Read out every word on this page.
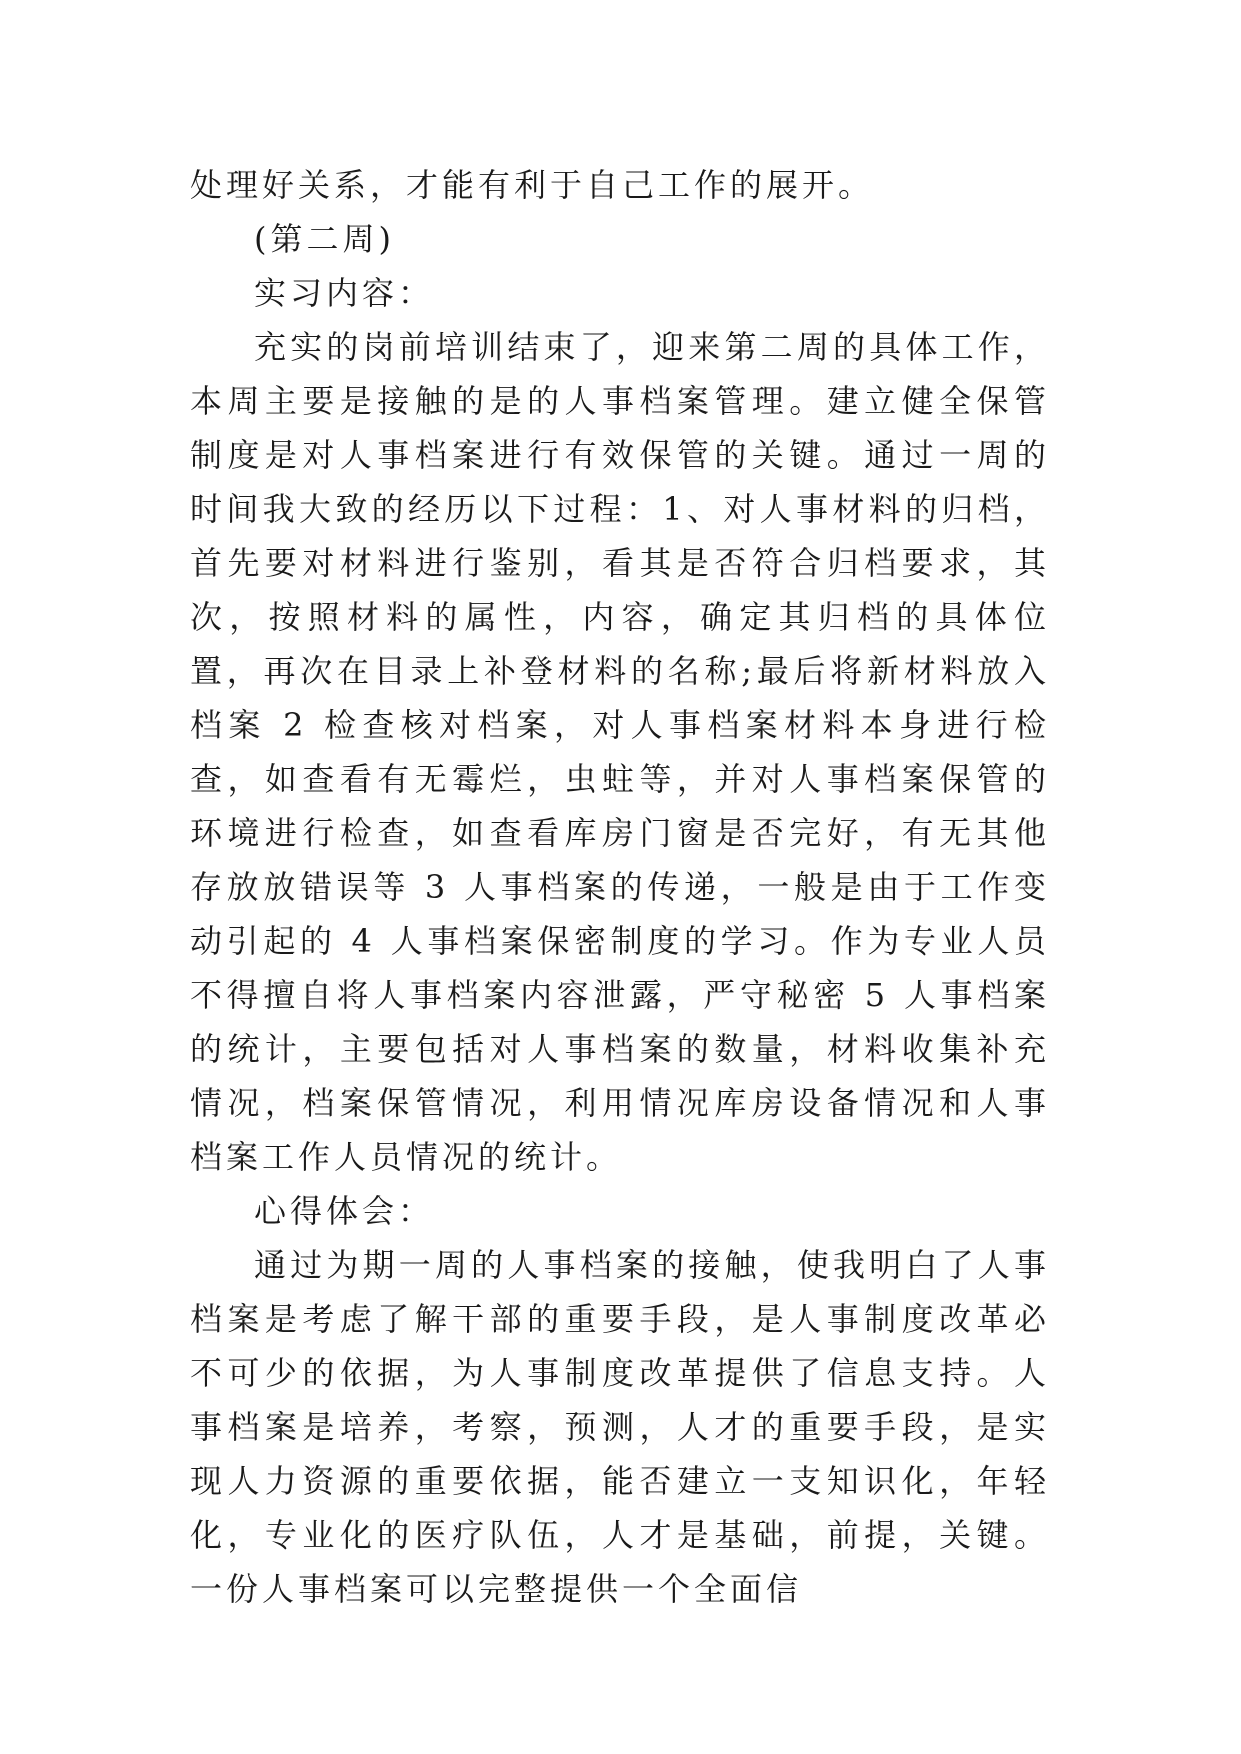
处理好关系，才能有利于自己工作的展开。

(第二周)

实习内容：

充实的岗前培训结束了，迎来第二周的具体工作，本周主要是接触的是的人事档案管理。建立健全保管制度是对人事档案进行有效保管的关键。通过一周的时间我大致的经历以下过程：1、对人事材料的归档，首先要对材料进行鉴别，看其是否符合归档要求，其次，按照材料的属性，内容，确定其归档的具体位置，再次在目录上补登材料的名称;最后将新材料放入档案 2 检查核对档案，对人事档案材料本身进行检查，如查看有无霉烂，虫蛀等，并对人事档案保管的环境进行检查，如查看库房门窗是否完好，有无其他存放放错误等 3 人事档案的传递，一般是由于工作变动引起的 4 人事档案保密制度的学习。作为专业人员不得擅自将人事档案内容泄露，严守秘密 5 人事档案的统计，主要包括对人事档案的数量，材料收集补充情况，档案保管情况，利用情况库房设备情况和人事档案工作人员情况的统计。

心得体会：

通过为期一周的人事档案的接触，使我明白了人事档案是考虑了解干部的重要手段，是人事制度改革必不可少的依据，为人事制度改革提供了信息支持。人事档案是培养，考察，预测，人才的重要手段，是实现人力资源的重要依据，能否建立一支知识化，年轻化，专业化的医疗队伍，人才是基础，前提，关键。一份人事档案可以完整提供一个全面信
